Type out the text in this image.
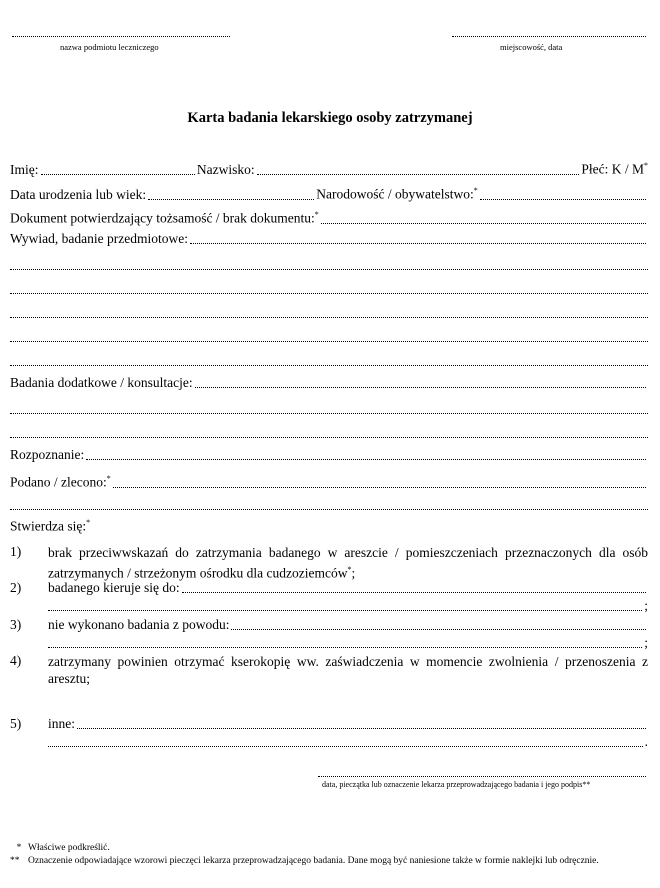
nazwa podmiotu leczniczego	miejscowość, data
Karta badania lekarskiego osoby zatrzymanej
Imię:	Nazwisko:	Płeć: K / M*
Data urodzenia lub wiek:	Narodowość / obywatelstwo:*
Dokument potwierdzający tożsamość / brak dokumentu:*
Wywiad, badanie przedmiotowe:
Badania dodatkowe / konsultacje:
Rozpoznanie:
Podano / zlecono:*
Stwierdza się:*
1) brak przeciwwskazań do zatrzymania badanego w areszcie / pomieszczeniach przeznaczonych dla osób zatrzymanych / strzeżonym ośrodku dla cudzoziemców*;
2) badanego kieruje się do:
;
3) nie wykonano badania z powodu:
;
4) zatrzymany powinien otrzymać kserokopię ww. zaświadczenia w momencie zwolnienia / przenoszenia z aresztu;
5) inne:
.
data, pieczątka lub oznaczenie lekarza przeprowadzającego badania i jego podpis**
* Właściwe podkreślić.
** Oznaczenie odpowiadające wzorowi pieczęci lekarza przeprowadzającego badania. Dane mogą być naniesione także w formie naklejki lub odręcznie.
